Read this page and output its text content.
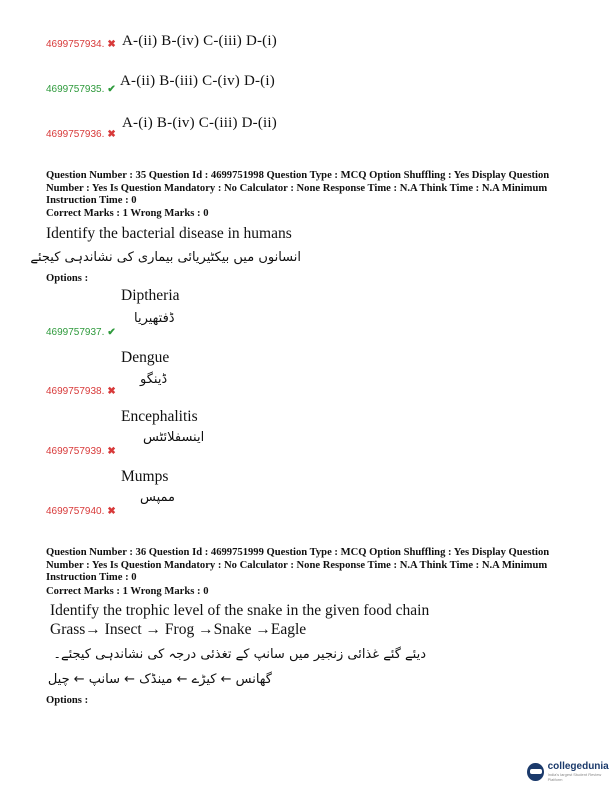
4699757934. ✖ A-(ii) B-(iv) C-(iii) D-(i)
4699757935. ✔
A-(ii) B-(iii) C-(iv) D-(i)
4699757936. ✖
A-(i) B-(iv) C-(iii) D-(ii)
Question Number : 35 Question Id : 4699751998 Question Type : MCQ Option Shuffling : Yes Display Question Number : Yes Is Question Mandatory : No Calculator : None Response Time : N.A Think Time : N.A Minimum Instruction Time : 0
Correct Marks : 1 Wrong Marks : 0
Identify the bacterial disease in humans
انسانوں میں بیکٹیریائی بیماری کی نشاندہی کیجئے
Options :
Diptheria
ڈفتھیریا
4699757937. ✔
Dengue
ڈینگو
4699757938. ✖
Encephalitis
اینسفلائٹس
4699757939. ✖
Mumps
ممپس
4699757940. ✖
Question Number : 36 Question Id : 4699751999 Question Type : MCQ Option Shuffling : Yes Display Question Number : Yes Is Question Mandatory : No Calculator : None Response Time : N.A Think Time : N.A Minimum Instruction Time : 0
Correct Marks : 1 Wrong Marks : 0
Identify the trophic level of the snake in the given food chain
Grass→ Insect → Frog →Snake →Eagle
دیئے گئے غذائی زنجیر میں سانپ کے تغذئی درجہ کی نشاندہی کیجئے۔
گھانس ← کیڑے ← مینڈک ← سانپ ← چیل
Options :
collegedunia
India's largest Student Review Platform
